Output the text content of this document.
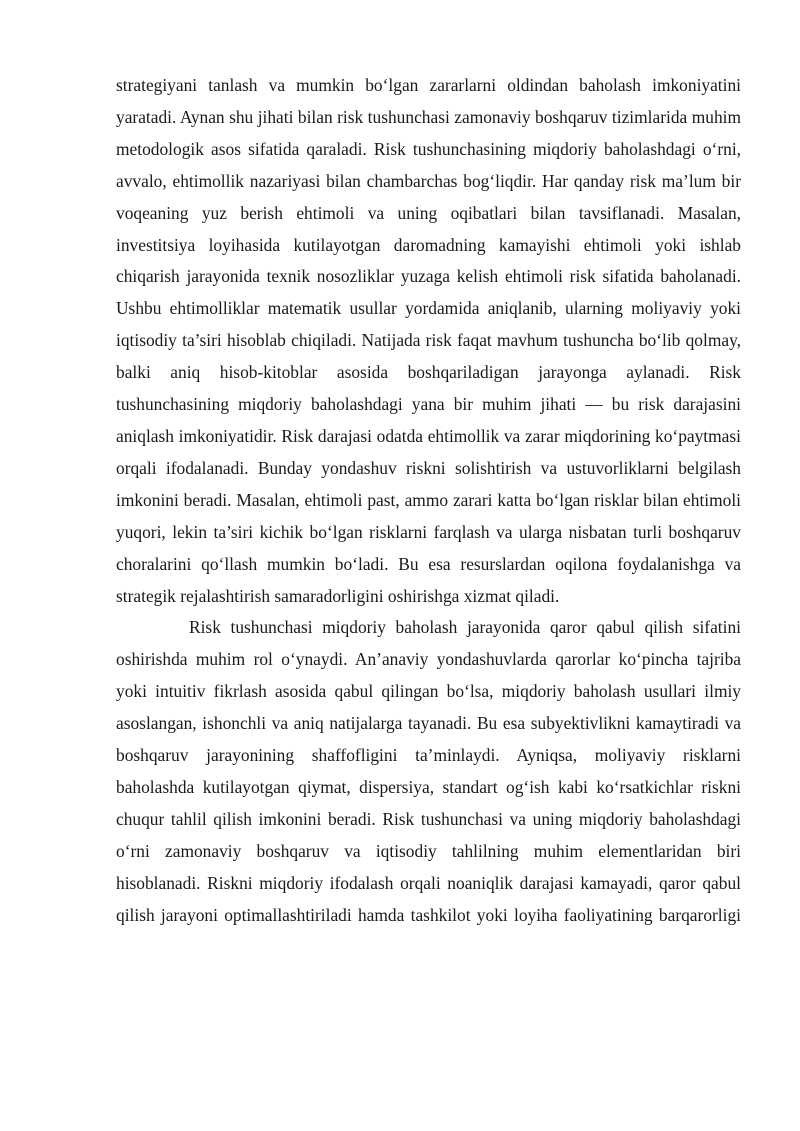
strategiyani tanlash va mumkin bo‘lgan zararlarni oldindan baholash imkoniyatini yaratadi. Aynan shu jihati bilan risk tushunchasi zamonaviy boshqaruv tizimlarida muhim metodologik asos sifatida qaraladi. Risk tushunchasining miqdoriy baholashdagi o‘rni, avvalo, ehtimollik nazariyasi bilan chambarchas bog‘liqdir. Har qanday risk ma’lum bir voqeaning yuz berish ehtimoli va uning oqibatlari bilan tavsiflanadi. Masalan, investitsiya loyihasida kutilayotgan daromadning kamayishi ehtimoli yoki ishlab chiqarish jarayonida texnik nosozliklar yuzaga kelish ehtimoli risk sifatida baholanadi. Ushbu ehtimolliklar matematik usullar yordamida aniqlanib, ularning moliyaviy yoki iqtisodiy ta’siri hisoblab chiqiladi. Natijada risk faqat mavhum tushuncha bo‘lib qolmay, balki aniq hisob-kitoblar asosida boshqariladigan jarayonga aylanadi. Risk tushunchasining miqdoriy baholashdagi yana bir muhim jihati — bu risk darajasini aniqlash imkoniyatidir. Risk darajasi odatda ehtimollik va zarar miqdorining ko‘paytmasi orqali ifodalanadi. Bunday yondashuv riskni solishtirish va ustuvorliklarni belgilash imkonini beradi. Masalan, ehtimoli past, ammo zarari katta bo‘lgan risklar bilan ehtimoli yuqori, lekin ta’siri kichik bo‘lgan risklarni farqlash va ularga nisbatan turli boshqaruv choralarini qo‘llash mumkin bo‘ladi. Bu esa resurslardan oqilona foydalanishga va strategik rejalashtirish samaradorligini oshirishga xizmat qiladi.

Risk tushunchasi miqdoriy baholash jarayonida qaror qabul qilish sifatini oshirishda muhim rol o‘ynaydi. An’anaviy yondashuvlarda qarorlar ko‘pincha tajriba yoki intuitiv fikrlash asosida qabul qilingan bo‘lsa, miqdoriy baholash usullari ilmiy asoslangan, ishonchli va aniq natijalarga tayanadi. Bu esa subyektivlikni kamaytiradi va boshqaruv jarayonining shaffofligini ta’minlaydi. Ayniqsa, moliyaviy risklarni baholashda kutilayotgan qiymat, dispersiya, standart og‘ish kabi ko‘rsatkichlar riskni chuqur tahlil qilish imkonini beradi. Risk tushunchasi va uning miqdoriy baholashdagi o‘rni zamonaviy boshqaruv va iqtisodiy tahlilning muhim elementlaridan biri hisoblanadi. Riskni miqdoriy ifodalash orqali noaniqlik darajasi kamayadi, qaror qabul qilish jarayoni optimallashtiriladi hamda tashkilot yoki loyiha faoliyatining barqarorligi
